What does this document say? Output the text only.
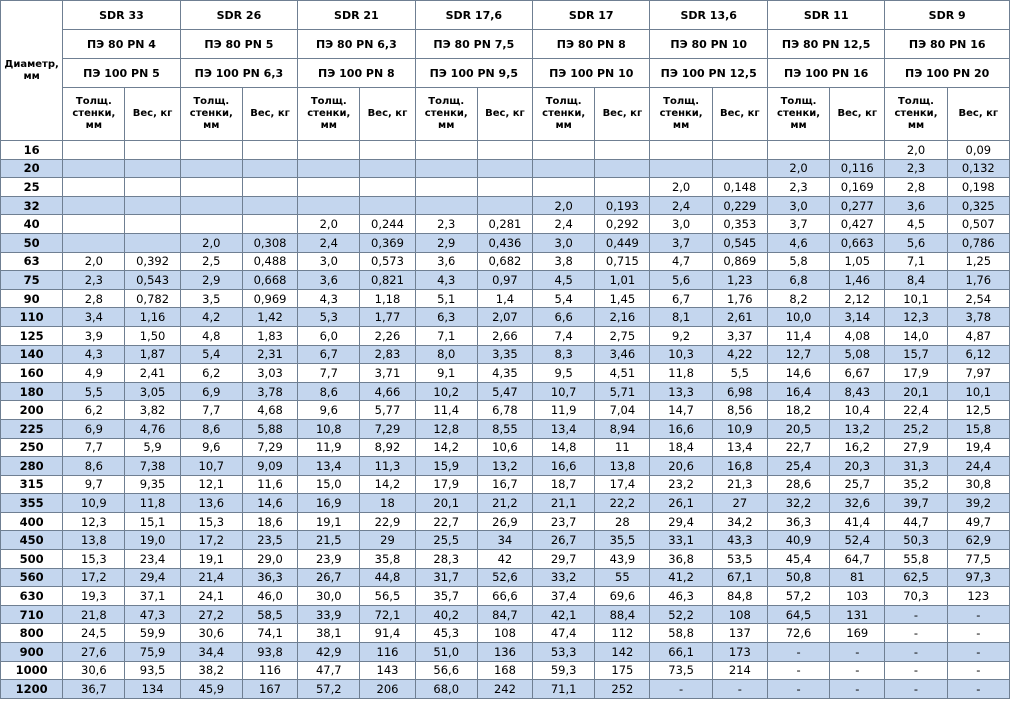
Диаметр, мм	SDR 33		SDR 26		SDR 21		SDR 17,6		SDR 17		SDR 13,6		SDR 11		SDR 9	
	ПЭ 80 PN 4		ПЭ 80 PN 5		ПЭ 80 PN 6,3		ПЭ 80 PN 7,5		ПЭ 80 PN 8		ПЭ 80 PN 10		ПЭ 80 PN 12,5		ПЭ 80 PN 16	
	ПЭ 100 PN 5		ПЭ 100 PN 6,3		ПЭ 100 PN 8		ПЭ 100 PN 9,5		ПЭ 100 PN 10		ПЭ 100 PN 12,5		ПЭ 100 PN 16		ПЭ 100 PN 20	
	Толщ. стенки, мм	Вес, кг	Толщ. стенки, мм	Вес, кг	Толщ. стенки, мм	Вес, кг	Толщ. стенки, мм	Вес, кг	Толщ. стенки, мм	Вес, кг	Толщ. стенки, мм	Вес, кг	Толщ. стенки, мм	Вес, кг	Толщ. стенки, мм	Вес, кг
16															2,0	0,09
20													2,0	0,116	2,3	0,132
25											2,0	0,148	2,3	0,169	2,8	0,198
32									2,0	0,193	2,4	0,229	3,0	0,277	3,6	0,325
40					2,0	0,244	2,3	0,281	2,4	0,292	3,0	0,353	3,7	0,427	4,5	0,507
50			2,0	0,308	2,4	0,369	2,9	0,436	3,0	0,449	3,7	0,545	4,6	0,663	5,6	0,786
63	2,0	0,392	2,5	0,488	3,0	0,573	3,6	0,682	3,8	0,715	4,7	0,869	5,8	1,05	7,1	1,25
75	2,3	0,543	2,9	0,668	3,6	0,821	4,3	0,97	4,5	1,01	5,6	1,23	6,8	1,46	8,4	1,76
90	2,8	0,782	3,5	0,969	4,3	1,18	5,1	1,4	5,4	1,45	6,7	1,76	8,2	2,12	10,1	2,54
110	3,4	1,16	4,2	1,42	5,3	1,77	6,3	2,07	6,6	2,16	8,1	2,61	10,0	3,14	12,3	3,78
125	3,9	1,50	4,8	1,83	6,0	2,26	7,1	2,66	7,4	2,75	9,2	3,37	11,4	4,08	14,0	4,87
140	4,3	1,87	5,4	2,31	6,7	2,83	8,0	3,35	8,3	3,46	10,3	4,22	12,7	5,08	15,7	6,12
160	4,9	2,41	6,2	3,03	7,7	3,71	9,1	4,35	9,5	4,51	11,8	5,5	14,6	6,67	17,9	7,97
180	5,5	3,05	6,9	3,78	8,6	4,66	10,2	5,47	10,7	5,71	13,3	6,98	16,4	8,43	20,1	10,1
200	6,2	3,82	7,7	4,68	9,6	5,77	11,4	6,78	11,9	7,04	14,7	8,56	18,2	10,4	22,4	12,5
225	6,9	4,76	8,6	5,88	10,8	7,29	12,8	8,55	13,4	8,94	16,6	10,9	20,5	13,2	25,2	15,8
250	7,7	5,9	9,6	7,29	11,9	8,92	14,2	10,6	14,8	11	18,4	13,4	22,7	16,2	27,9	19,4
280	8,6	7,38	10,7	9,09	13,4	11,3	15,9	13,2	16,6	13,8	20,6	16,8	25,4	20,3	31,3	24,4
315	9,7	9,35	12,1	11,6	15,0	14,2	17,9	16,7	18,7	17,4	23,2	21,3	28,6	25,7	35,2	30,8
355	10,9	11,8	13,6	14,6	16,9	18	20,1	21,2	21,1	22,2	26,1	27	32,2	32,6	39,7	39,2
400	12,3	15,1	15,3	18,6	19,1	22,9	22,7	26,9	23,7	28	29,4	34,2	36,3	41,4	44,7	49,7
450	13,8	19,0	17,2	23,5	21,5	29	25,5	34	26,7	35,5	33,1	43,3	40,9	52,4	50,3	62,9
500	15,3	23,4	19,1	29,0	23,9	35,8	28,3	42	29,7	43,9	36,8	53,5	45,4	64,7	55,8	77,5
560	17,2	29,4	21,4	36,3	26,7	44,8	31,7	52,6	33,2	55	41,2	67,1	50,8	81	62,5	97,3
630	19,3	37,1	24,1	46,0	30,0	56,5	35,7	66,6	37,4	69,6	46,3	84,8	57,2	103	70,3	123
710	21,8	47,3	27,2	58,5	33,9	72,1	40,2	84,7	42,1	88,4	52,2	108	64,5	131	-	-
800	24,5	59,9	30,6	74,1	38,1	91,4	45,3	108	47,4	112	58,8	137	72,6	169	-	-
900	27,6	75,9	34,4	93,8	42,9	116	51,0	136	53,3	142	66,1	173	-	-	-	-
1000	30,6	93,5	38,2	116	47,7	143	56,6	168	59,3	175	73,5	214	-	-	-	-
1200	36,7	134	45,9	167	57,2	206	68,0	242	71,1	252	-	-	-	-	-	-
